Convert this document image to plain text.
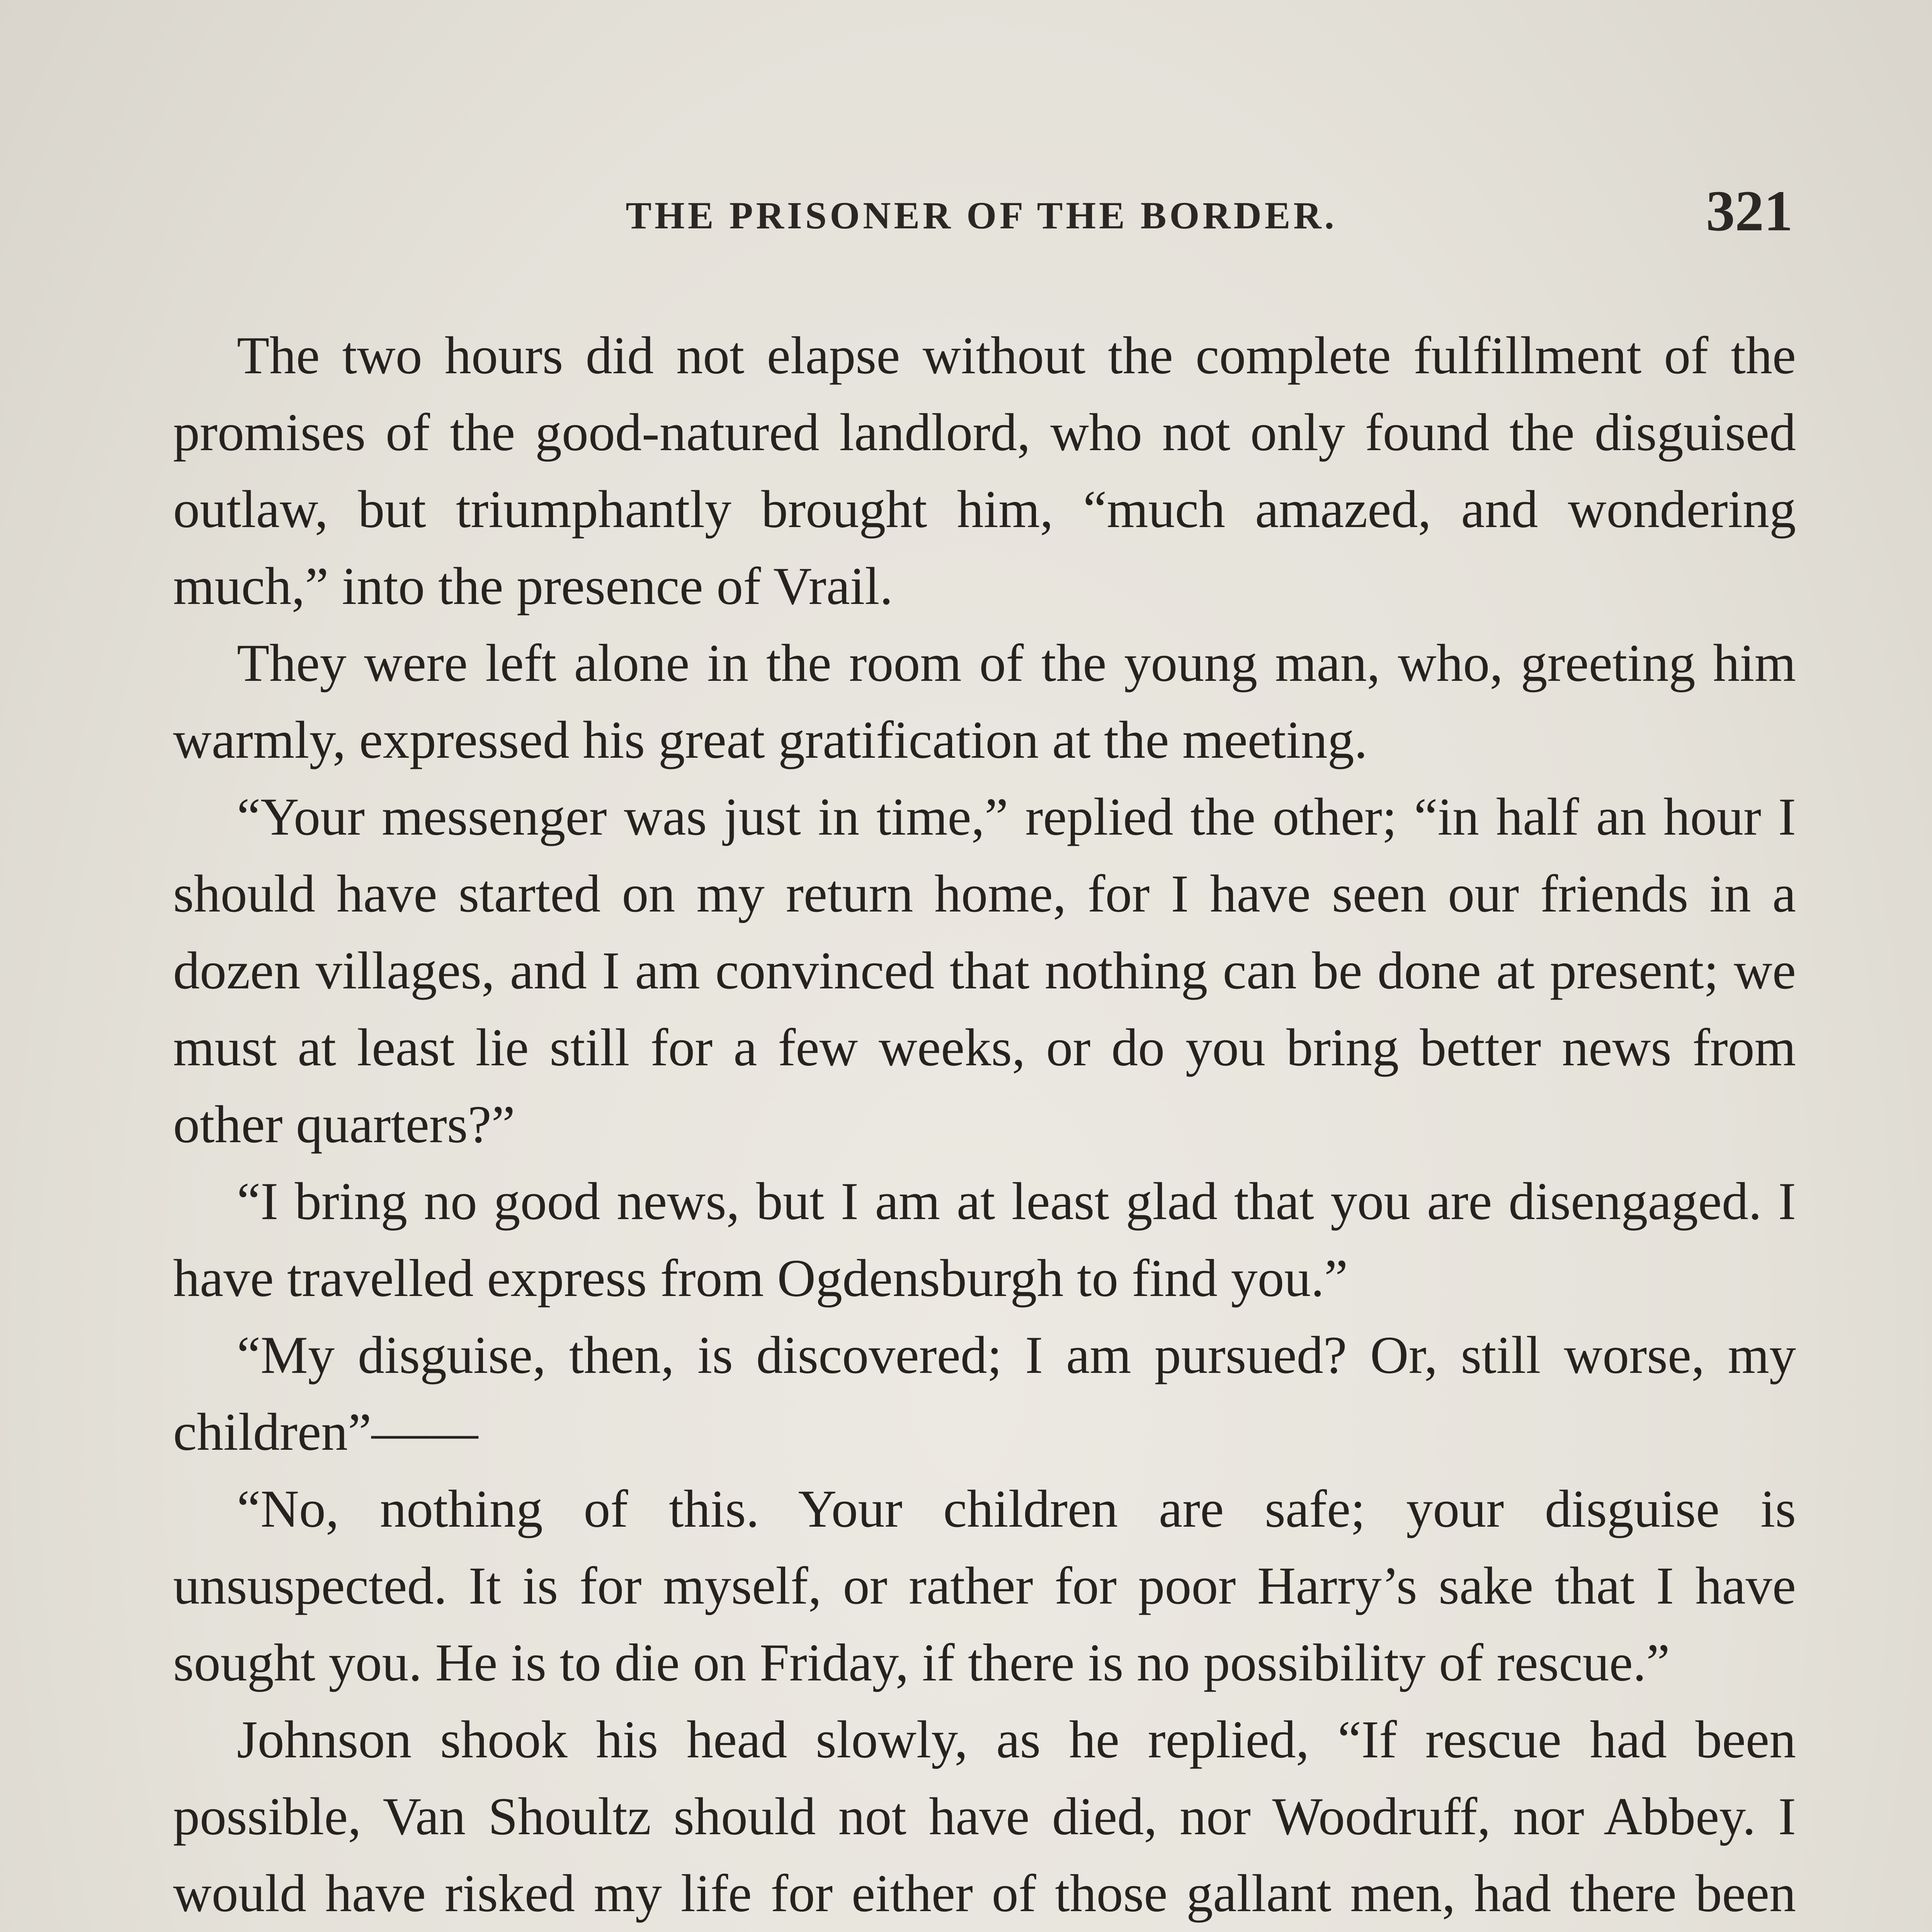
THE PRISONER OF THE BORDER.	321

The two hours did not elapse without the complete fulfillment of the promises of the good-natured landlord, who not only found the disguised outlaw, but triumphantly brought him, “much amazed, and wondering much,” into the presence of Vrail.

They were left alone in the room of the young man, who, greeting him warmly, expressed his great gratification at the meeting.

“Your messenger was just in time,” replied the other; “in half an hour I should have started on my return home, for I have seen our friends in a dozen villages, and I am convinced that nothing can be done at present; we must at least lie still for a few weeks, or do you bring better news from other quarters?”

“I bring no good news, but I am at least glad that you are disengaged. I have travelled express from Ogdensburgh to find you.”

“My disguise, then, is discovered; I am pursued? Or, still worse, my children”——

“No, nothing of this. Your children are safe; your disguise is unsuspected. It is for myself, or rather for poor Harry’s sake that I have sought you. He is to die on Friday, if there is no possibility of rescue.”

Johnson shook his head slowly, as he replied, “If rescue had been possible, Van Shoultz should not have died, nor Woodruff, nor Abbey. I would have risked my life for either of those gallant men, had there been
